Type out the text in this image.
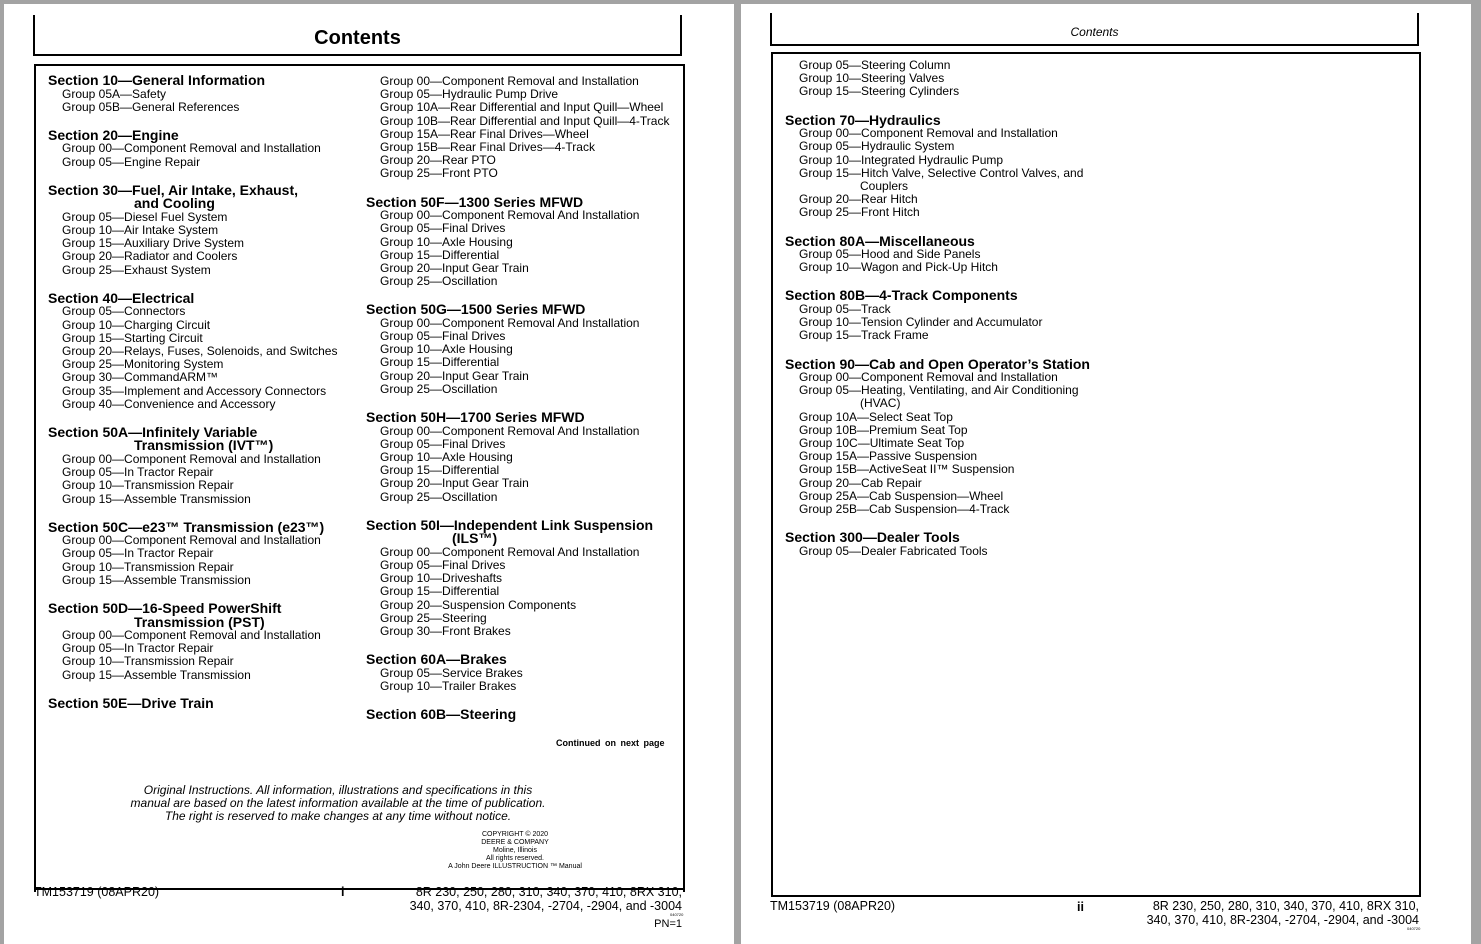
Contents
Section 10—General Information
Group 05A—Safety
Group 05B—General References
Section 20—Engine
Group 00—Component Removal and Installation
Group 05—Engine Repair
Section 30—Fuel, Air Intake, Exhaust,
and Cooling
Group 05—Diesel Fuel System
Group 10—Air Intake System
Group 15—Auxiliary Drive System
Group 20—Radiator and Coolers
Group 25—Exhaust System
Section 40—Electrical
Group 05—Connectors
Group 10—Charging Circuit
Group 15—Starting Circuit
Group 20—Relays, Fuses, Solenoids, and Switches
Group 25—Monitoring System
Group 30—CommandARM™
Group 35—Implement and Accessory Connectors
Group 40—Convenience and Accessory
Section 50A—Infinitely Variable
Transmission (IVT™)
Group 00—Component Removal and Installation
Group 05—In Tractor Repair
Group 10—Transmission Repair
Group 15—Assemble Transmission
Section 50C—e23™ Transmission (e23™)
Group 00—Component Removal and Installation
Group 05—In Tractor Repair
Group 10—Transmission Repair
Group 15—Assemble Transmission
Section 50D—16-Speed PowerShift
Transmission (PST)
Group 00—Component Removal and Installation
Group 05—In Tractor Repair
Group 10—Transmission Repair
Group 15—Assemble Transmission
Section 50E—Drive Train
Group 00—Component Removal and Installation
Group 05—Hydraulic Pump Drive
Group 10A—Rear Differential and Input Quill—Wheel
Group 10B—Rear Differential and Input Quill—4-Track
Group 15A—Rear Final Drives—Wheel
Group 15B—Rear Final Drives—4-Track
Group 20—Rear PTO
Group 25—Front PTO
Section 50F—1300 Series MFWD
Group 00—Component Removal And Installation
Group 05—Final Drives
Group 10—Axle Housing
Group 15—Differential
Group 20—Input Gear Train
Group 25—Oscillation
Section 50G—1500 Series MFWD
Group 00—Component Removal And Installation
Group 05—Final Drives
Group 10—Axle Housing
Group 15—Differential
Group 20—Input Gear Train
Group 25—Oscillation
Section 50H—1700 Series MFWD
Group 00—Component Removal And Installation
Group 05—Final Drives
Group 10—Axle Housing
Group 15—Differential
Group 20—Input Gear Train
Group 25—Oscillation
Section 50I—Independent Link Suspension
(ILS™)
Group 00—Component Removal And Installation
Group 05—Final Drives
Group 10—Driveshafts
Group 15—Differential
Group 20—Suspension Components
Group 25—Steering
Group 30—Front Brakes
Section 60A—Brakes
Group 05—Service Brakes
Group 10—Trailer Brakes
Section 60B—Steering
Continued on next page
Original Instructions. All information, illustrations and specifications in this
manual are based on the latest information available at the time of publication.
The right is reserved to make changes at any time without notice.
COPYRIGHT © 2020
DEERE & COMPANY
Moline, Illinois
All rights reserved.
A John Deere ILLUSTRUCTION ™ Manual
TM153719 (08APR20)	i	8R 230, 250, 280, 310, 340, 370, 410, 8RX 310,
340, 370, 410, 8R-2304, -2704, -2904, and -3004
040720
PN=1
Contents
Group 05—Steering Column
Group 10—Steering Valves
Group 15—Steering Cylinders
Section 70—Hydraulics
Group 00—Component Removal and Installation
Group 05—Hydraulic System
Group 10—Integrated Hydraulic Pump
Group 15—Hitch Valve, Selective Control Valves, and
Couplers
Group 20—Rear Hitch
Group 25—Front Hitch
Section 80A—Miscellaneous
Group 05—Hood and Side Panels
Group 10—Wagon and Pick-Up Hitch
Section 80B—4-Track Components
Group 05—Track
Group 10—Tension Cylinder and Accumulator
Group 15—Track Frame
Section 90—Cab and Open Operator’s Station
Group 00—Component Removal and Installation
Group 05—Heating, Ventilating, and Air Conditioning
(HVAC)
Group 10A—Select Seat Top
Group 10B—Premium Seat Top
Group 10C—Ultimate Seat Top
Group 15A—Passive Suspension
Group 15B—ActiveSeat II™ Suspension
Group 20—Cab Repair
Group 25A—Cab Suspension—Wheel
Group 25B—Cab Suspension—4-Track
Section 300—Dealer Tools
Group 05—Dealer Fabricated Tools
TM153719 (08APR20)	ii	8R 230, 250, 280, 310, 340, 370, 410, 8RX 310,
340, 370, 410, 8R-2304, -2704, -2904, and -3004
040720
